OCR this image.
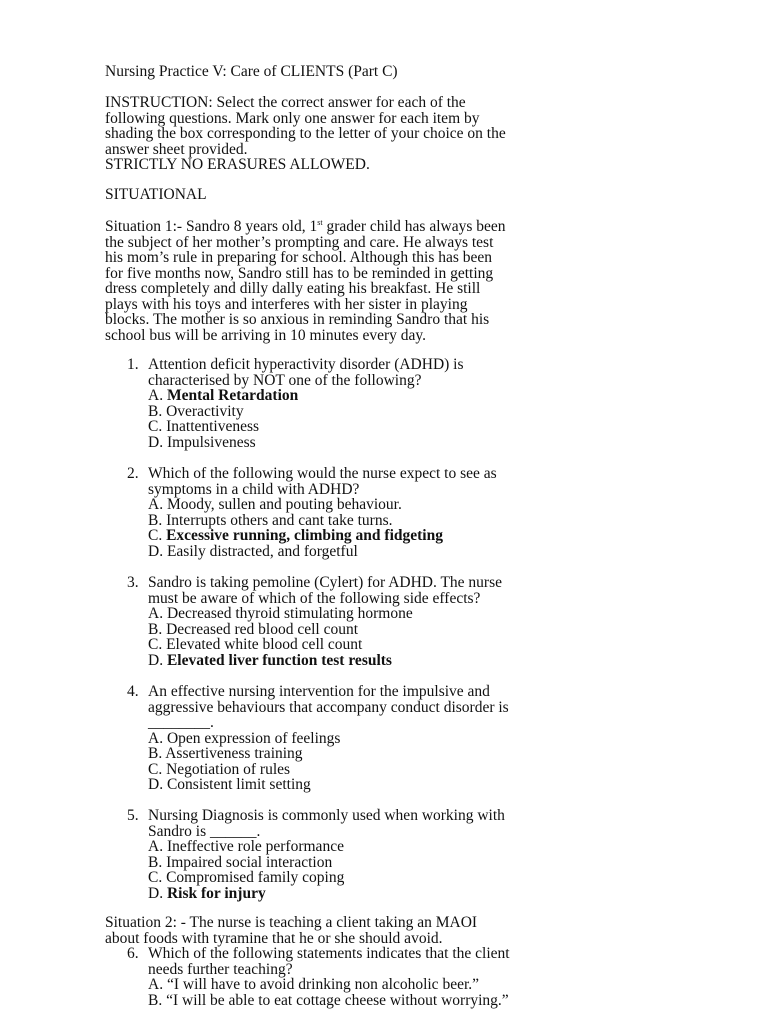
Nursing Practice V: Care of CLIENTS (Part C)
INSTRUCTION: Select the correct answer for each of the
following questions. Mark only one answer for each item by
shading the box corresponding to the letter of your choice on the
answer sheet provided.
STRICTLY NO ERASURES ALLOWED.
SITUATIONAL
Situation 1:- Sandro 8 years old, 1st grader child has always been
the subject of her mother’s prompting and care. He always test
his mom’s rule in preparing for school. Although this has been
for five months now, Sandro still has to be reminded in getting
dress completely and dilly dally eating his breakfast. He still
plays with his toys and interferes with her sister in playing
blocks. The mother is so anxious in reminding Sandro that his
school bus will be arriving in 10 minutes every day.
1. Attention deficit hyperactivity disorder (ADHD) is
characterised by NOT one of the following?
A. Mental Retardation
B. Overactivity
C. Inattentiveness
D. Impulsiveness
2. Which of the following would the nurse expect to see as
symptoms in a child with ADHD?
A. Moody, sullen and pouting behaviour.
B. Interrupts others and cant take turns.
C. Excessive running, climbing and fidgeting
D. Easily distracted, and forgetful
3. Sandro is taking pemoline (Cylert) for ADHD. The nurse
must be aware of which of the following side effects?
A. Decreased thyroid stimulating hormone
B. Decreased red blood cell count
C. Elevated white blood cell count
D. Elevated liver function test results
4. An effective nursing intervention for the impulsive and
aggressive behaviours that accompany conduct disorder is
________.
A. Open expression of feelings
B. Assertiveness training
C. Negotiation of rules
D. Consistent limit setting
5. Nursing Diagnosis is commonly used when working with
Sandro is ______.
A. Ineffective role performance
B. Impaired social interaction
C. Compromised family coping
D. Risk for injury
Situation 2: - The nurse is teaching a client taking an MAOI
about foods with tyramine that he or she should avoid.
6. Which of the following statements indicates that the client
needs further teaching?
A. “I will have to avoid drinking non alcoholic beer.”
B. “I will be able to eat cottage cheese without worrying.”
